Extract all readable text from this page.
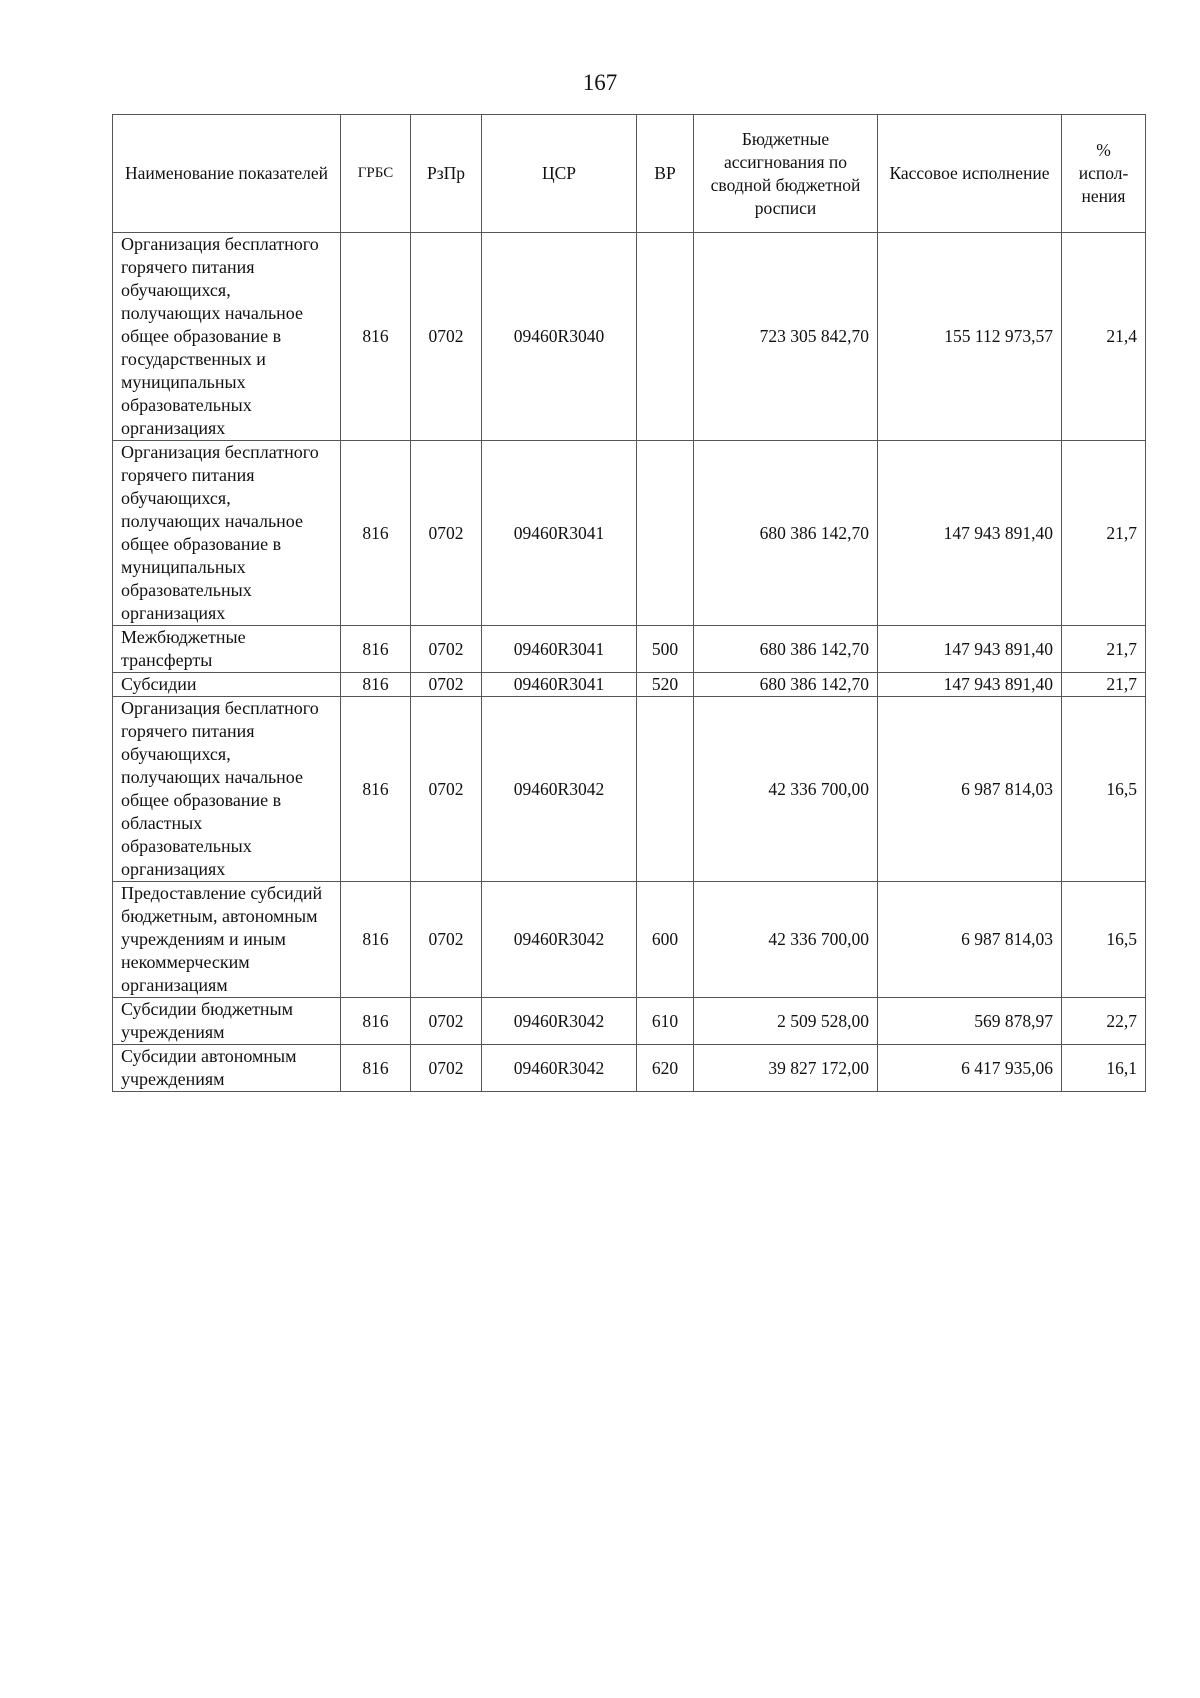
167
Наименование показателей	ГРБС	РзПр	ЦСР	ВР	Бюджетные ассигнования по сводной бюджетной росписи	Кассовое исполнение	% испол-нения
Организация бесплатного горячего питания обучающихся, получающих начальное общее образование в государственных и муниципальных образовательных организациях	816	0702	09460R3040		723 305 842,70	155 112 973,57	21,4
Организация бесплатного горячего питания обучающихся, получающих начальное общее образование в муниципальных образовательных организациях	816	0702	09460R3041		680 386 142,70	147 943 891,40	21,7
Межбюджетные трансферты	816	0702	09460R3041	500	680 386 142,70	147 943 891,40	21,7
Субсидии	816	0702	09460R3041	520	680 386 142,70	147 943 891,40	21,7
Организация бесплатного горячего питания обучающихся, получающих начальное общее образование в областных образовательных организациях	816	0702	09460R3042		42 336 700,00	6 987 814,03	16,5
Предоставление субсидий бюджетным, автономным учреждениям и иным некоммерческим организациям	816	0702	09460R3042	600	42 336 700,00	6 987 814,03	16,5
Субсидии бюджетным учреждениям	816	0702	09460R3042	610	2 509 528,00	569 878,97	22,7
Субсидии автономным учреждениям	816	0702	09460R3042	620	39 827 172,00	6 417 935,06	16,1
